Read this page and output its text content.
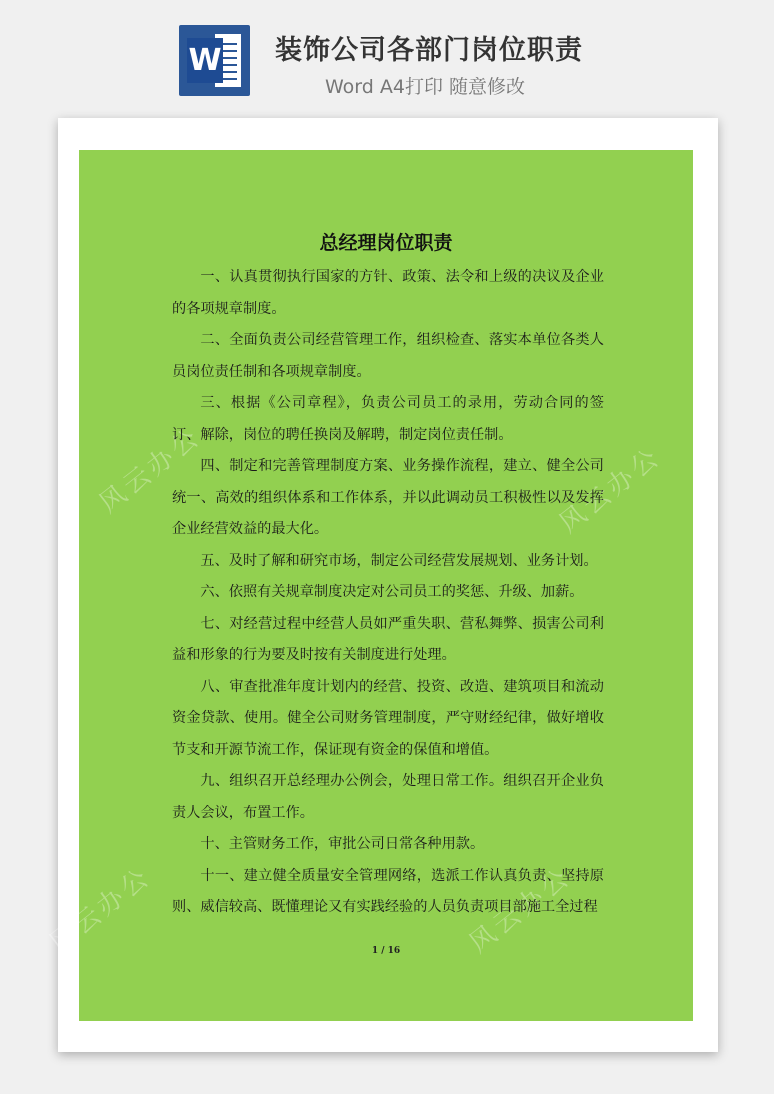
W 装饰公司各部门岗位职责
Word A4打印 随意修改
风云办公	风云办公
风云办公	风云办公
总经理岗位职责

一、认真贯彻执行国家的方针、政策、法令和上级的决议及企业的各项规章制度。

二、全面负责公司经营管理工作，组织检查、落实本单位各类人员岗位责任制和各项规章制度。

三、根据《公司章程》，负责公司员工的录用，劳动合同的签订、解除，岗位的聘任换岗及解聘，制定岗位责任制。

四、制定和完善管理制度方案、业务操作流程，建立、健全公司统一、高效的组织体系和工作体系，并以此调动员工积极性以及发挥企业经营效益的最大化。

五、及时了解和研究市场，制定公司经营发展规划、业务计划。

六、依照有关规章制度决定对公司员工的奖惩、升级、加薪。

七、对经营过程中经营人员如严重失职、营私舞弊、损害公司利益和形象的行为要及时按有关制度进行处理。

八、审查批准年度计划内的经营、投资、改造、建筑项目和流动资金贷款、使用。健全公司财务管理制度，严守财经纪律，做好增收节支和开源节流工作，保证现有资金的保值和增值。

九、组织召开总经理办公例会，处理日常工作。组织召开企业负责人会议，布置工作。

十、主管财务工作，审批公司日常各种用款。

十一、建立健全质量安全管理网络，选派工作认真负责、坚持原则、威信较高、既懂理论又有实践经验的人员负责项目部施工全过程

1 / 16
